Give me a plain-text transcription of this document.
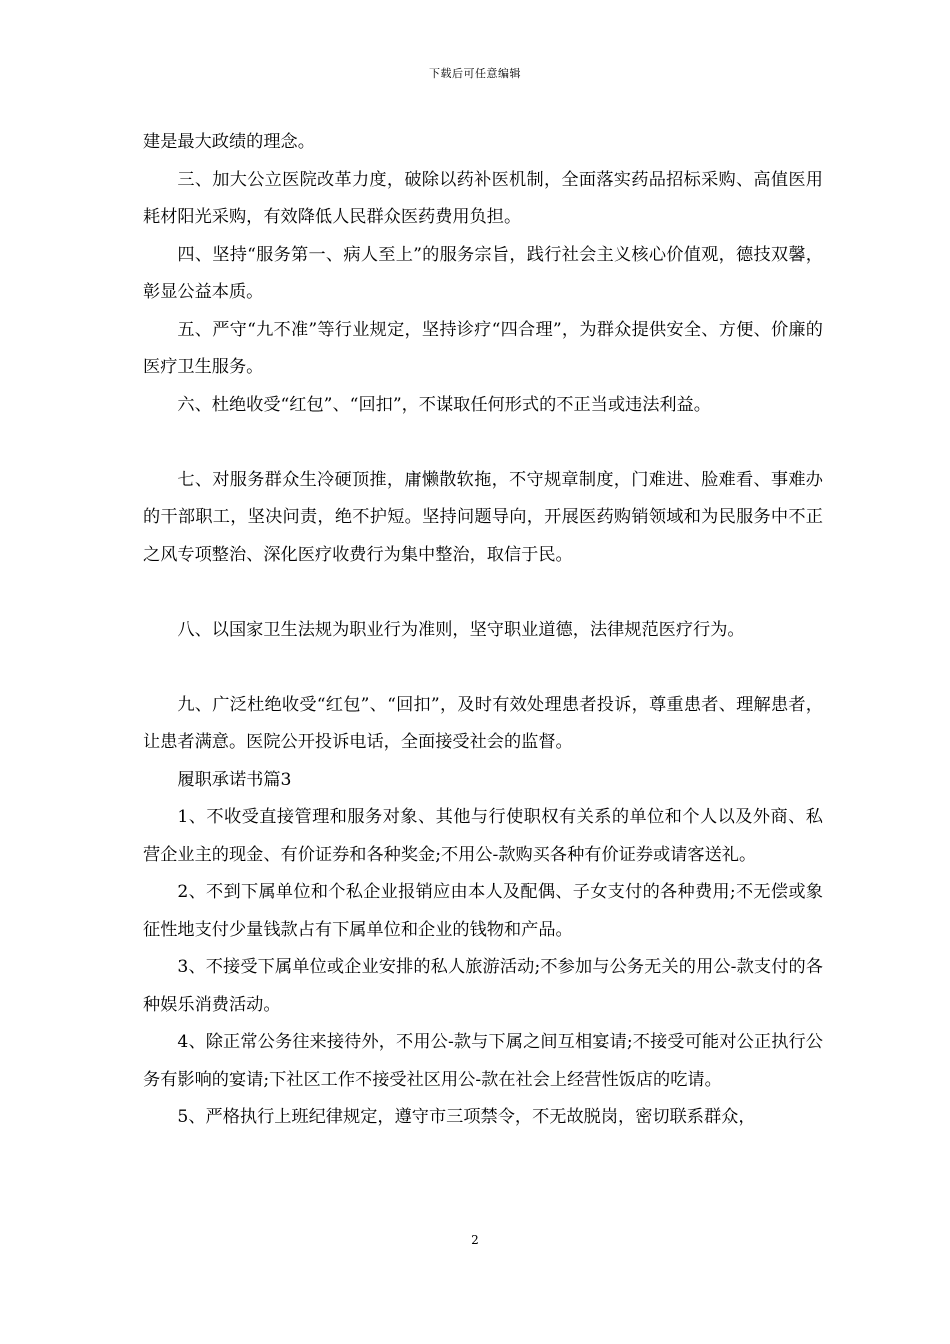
下载后可任意编辑

建是最大政绩的理念。

三、加大公立医院改革力度，破除以药补医机制，全面落实药品招标采购、高值医用耗材阳光采购，有效降低人民群众医药费用负担。

四、坚持“服务第一、病人至上”的服务宗旨，践行社会主义核心价值观，德技双馨，彰显公益本质。

五、严守“九不准”等行业规定，坚持诊疗“四合理”，为群众提供安全、方便、价廉的医疗卫生服务。

六、杜绝收受“红包”、“回扣”，不谋取任何形式的不正当或违法利益。

七、对服务群众生冷硬顶推，庸懒散软拖，不守规章制度，门难进、脸难看、事难办的干部职工，坚决问责，绝不护短。坚持问题导向，开展医药购销领域和为民服务中不正之风专项整治、深化医疗收费行为集中整治，取信于民。

八、以国家卫生法规为职业行为准则，坚守职业道德，法律规范医疗行为。

九、广泛杜绝收受“红包”、“回扣”，及时有效处理患者投诉，尊重患者、理解患者，让患者满意。医院公开投诉电话，全面接受社会的监督。

履职承诺书篇3

1、不收受直接管理和服务对象、其他与行使职权有关系的单位和个人以及外商、私营企业主的现金、有价证券和各种奖金;不用公-款购买各种有价证券或请客送礼。

2、不到下属单位和个私企业报销应由本人及配偶、子女支付的各种费用;不无偿或象征性地支付少量钱款占有下属单位和企业的钱物和产品。

3、不接受下属单位或企业安排的私人旅游活动;不参加与公务无关的用公-款支付的各种娱乐消费活动。

4、除正常公务往来接待外，不用公-款与下属之间互相宴请;不接受可能对公正执行公务有影响的宴请;下社区工作不接受社区用公-款在社会上经营性饭店的吃请。

5、严格执行上班纪律规定，遵守市三项禁令，不无故脱岗，密切联系群众，

2
